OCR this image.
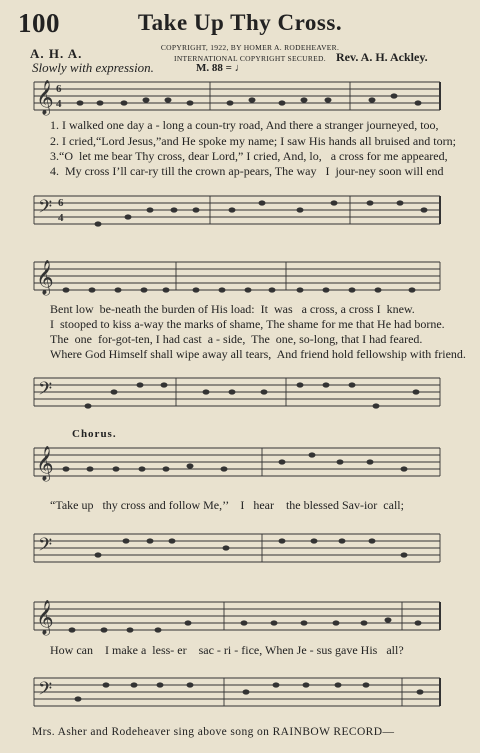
100	Take Up Thy Cross.
A. H. A.	COPYRIGHT, 1922, BY HOMER A. RODEHEAVER.
INTERNATIONAL COPYRIGHT SECURED. Rev. A. H. Ackley.
Slowly with expression.	M. 88 = ♩
𝄞 6
4
1. I walked one day a - long a coun-try road, And there a stranger journeyed, too,
2. I cried,“Lord Jesus,”and He spoke my name; I saw His hands all bruised and torn;
3.“O  let me bear Thy cross, dear Lord,” I cried, And, lo,   a cross for me appeared,
4.  My cross I’ll car-ry till the crown ap-pears, The way   I  jour-ney soon will end
𝄢 6
4
𝄞
Bent low  be-neath the burden of His load:  It  was   a cross, a cross I  knew.
I  stooped to kiss a-way the marks of shame, The shame for me that He had borne.
The  one  for-got-ten, I had cast  a - side,  The  one, so-long, that I had feared.
Where God Himself shall wipe away all tears,  And friend hold fellowship with friend.
𝄢
Chorus.
𝄞
“Take up   thy cross and follow Me,’’    I   hear    the blessed Sav-ior  call;
𝄢
𝄞
How can    I make a  less- er    sac - ri - fice, When Je - sus gave His   all?
𝄢
Mrs. Asher and Rodeheaver sing above song on RAINBOW RECORD—
